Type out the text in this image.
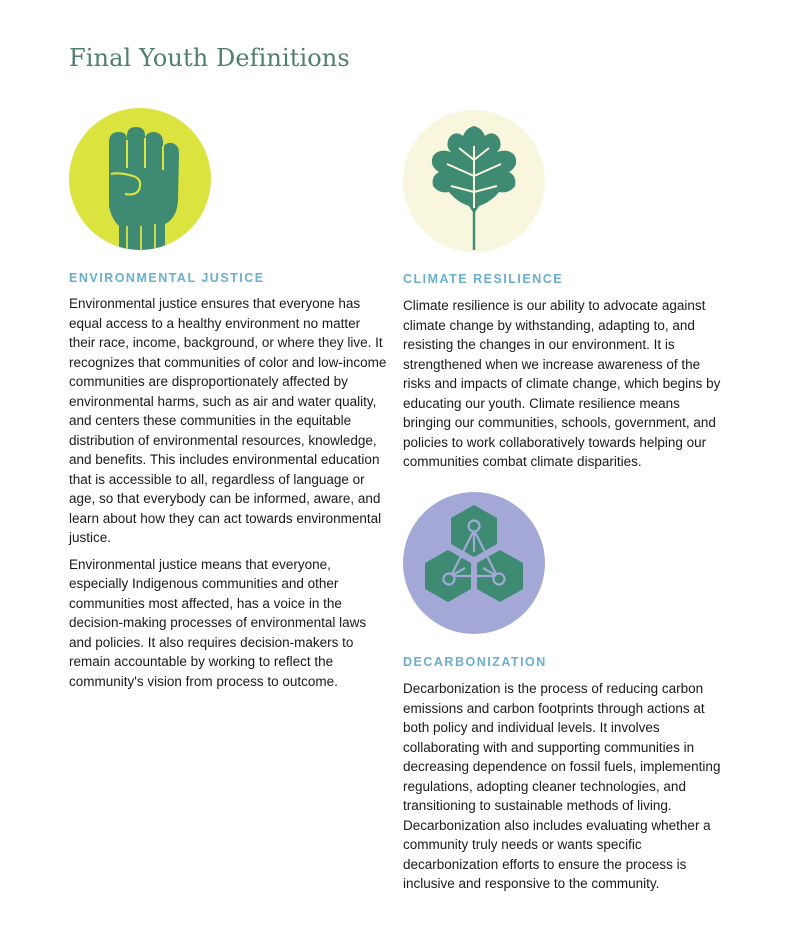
Final Youth Definitions
ENVIRONMENTAL JUSTICE

Environmental justice ensures that everyone has equal access to a healthy environment no matter their race, income, background, or where they live. It recognizes that communities of color and low-income communities are disproportionately affected by environmental harms, such as air and water quality, and centers these communities in the equitable distribution of environmental resources, knowledge, and benefits. This includes environmental education that is accessible to all, regardless of language or age, so that everybody can be informed, aware, and learn about how they can act towards environmental justice.

Environmental justice means that everyone, especially Indigenous communities and other communities most affected, has a voice in the decision-making processes of environmental laws and policies. It also requires decision-makers to remain accountable by working to reflect the community's vision from process to outcome.

CLIMATE RESILIENCE

Climate resilience is our ability to advocate against climate change by withstanding, adapting to, and resisting the changes in our environment. It is strengthened when we increase awareness of the risks and impacts of climate change, which begins by educating our youth. Climate resilience means bringing our communities, schools, government, and policies to work collaboratively towards helping our communities combat climate disparities.

DECARBONIZATION

Decarbonization is the process of reducing carbon emissions and carbon footprints through actions at both policy and individual levels. It involves collaborating with and supporting communities in decreasing dependence on fossil fuels, implementing regulations, adopting cleaner technologies, and transitioning to sustainable methods of living. Decarbonization also includes evaluating whether a community truly needs or wants specific decarbonization efforts to ensure the process is inclusive and responsive to the community.
